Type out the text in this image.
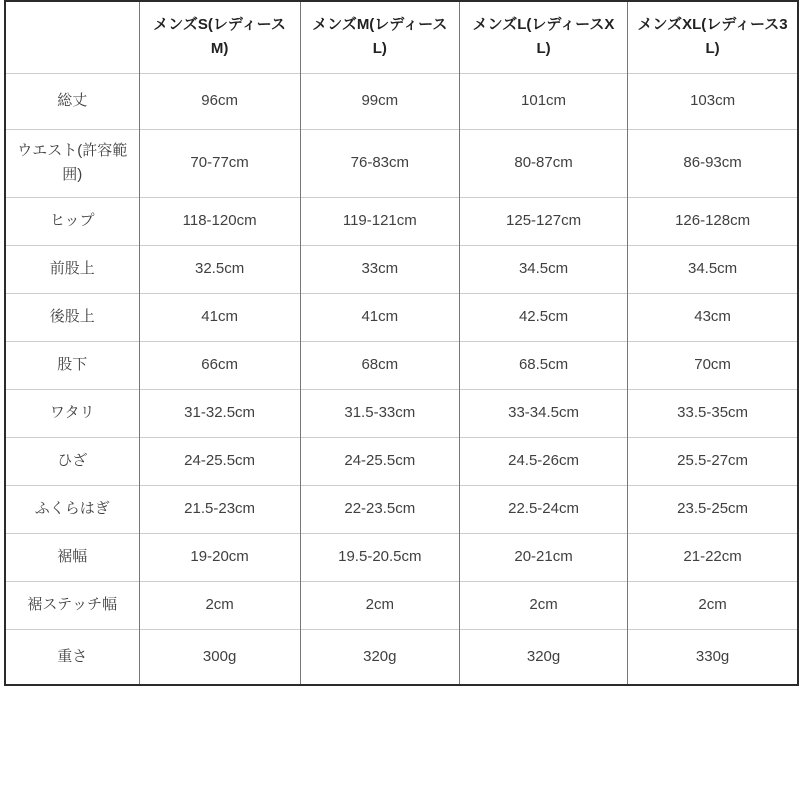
	メンズS(レディースM)	メンズM(レディースL)	メンズL(レディースXL)	メンズXL(レディース3L)
総丈	96cm	99cm	101cm	103cm
ウエスト(許容範囲)	70-77cm	76-83cm	80-87cm	86-93cm
ヒップ	118-120cm	119-121cm	125-127cm	126-128cm
前股上	32.5cm	33cm	34.5cm	34.5cm
後股上	41cm	41cm	42.5cm	43cm
股下	66cm	68cm	68.5cm	70cm
ワタリ	31-32.5cm	31.5-33cm	33-34.5cm	33.5-35cm
ひざ	24-25.5cm	24-25.5cm	24.5-26cm	25.5-27cm
ふくらはぎ	21.5-23cm	22-23.5cm	22.5-24cm	23.5-25cm
裾幅	19-20cm	19.5-20.5cm	20-21cm	21-22cm
裾ステッチ幅	2cm	2cm	2cm	2cm
重さ	300g	320g	320g	330g
